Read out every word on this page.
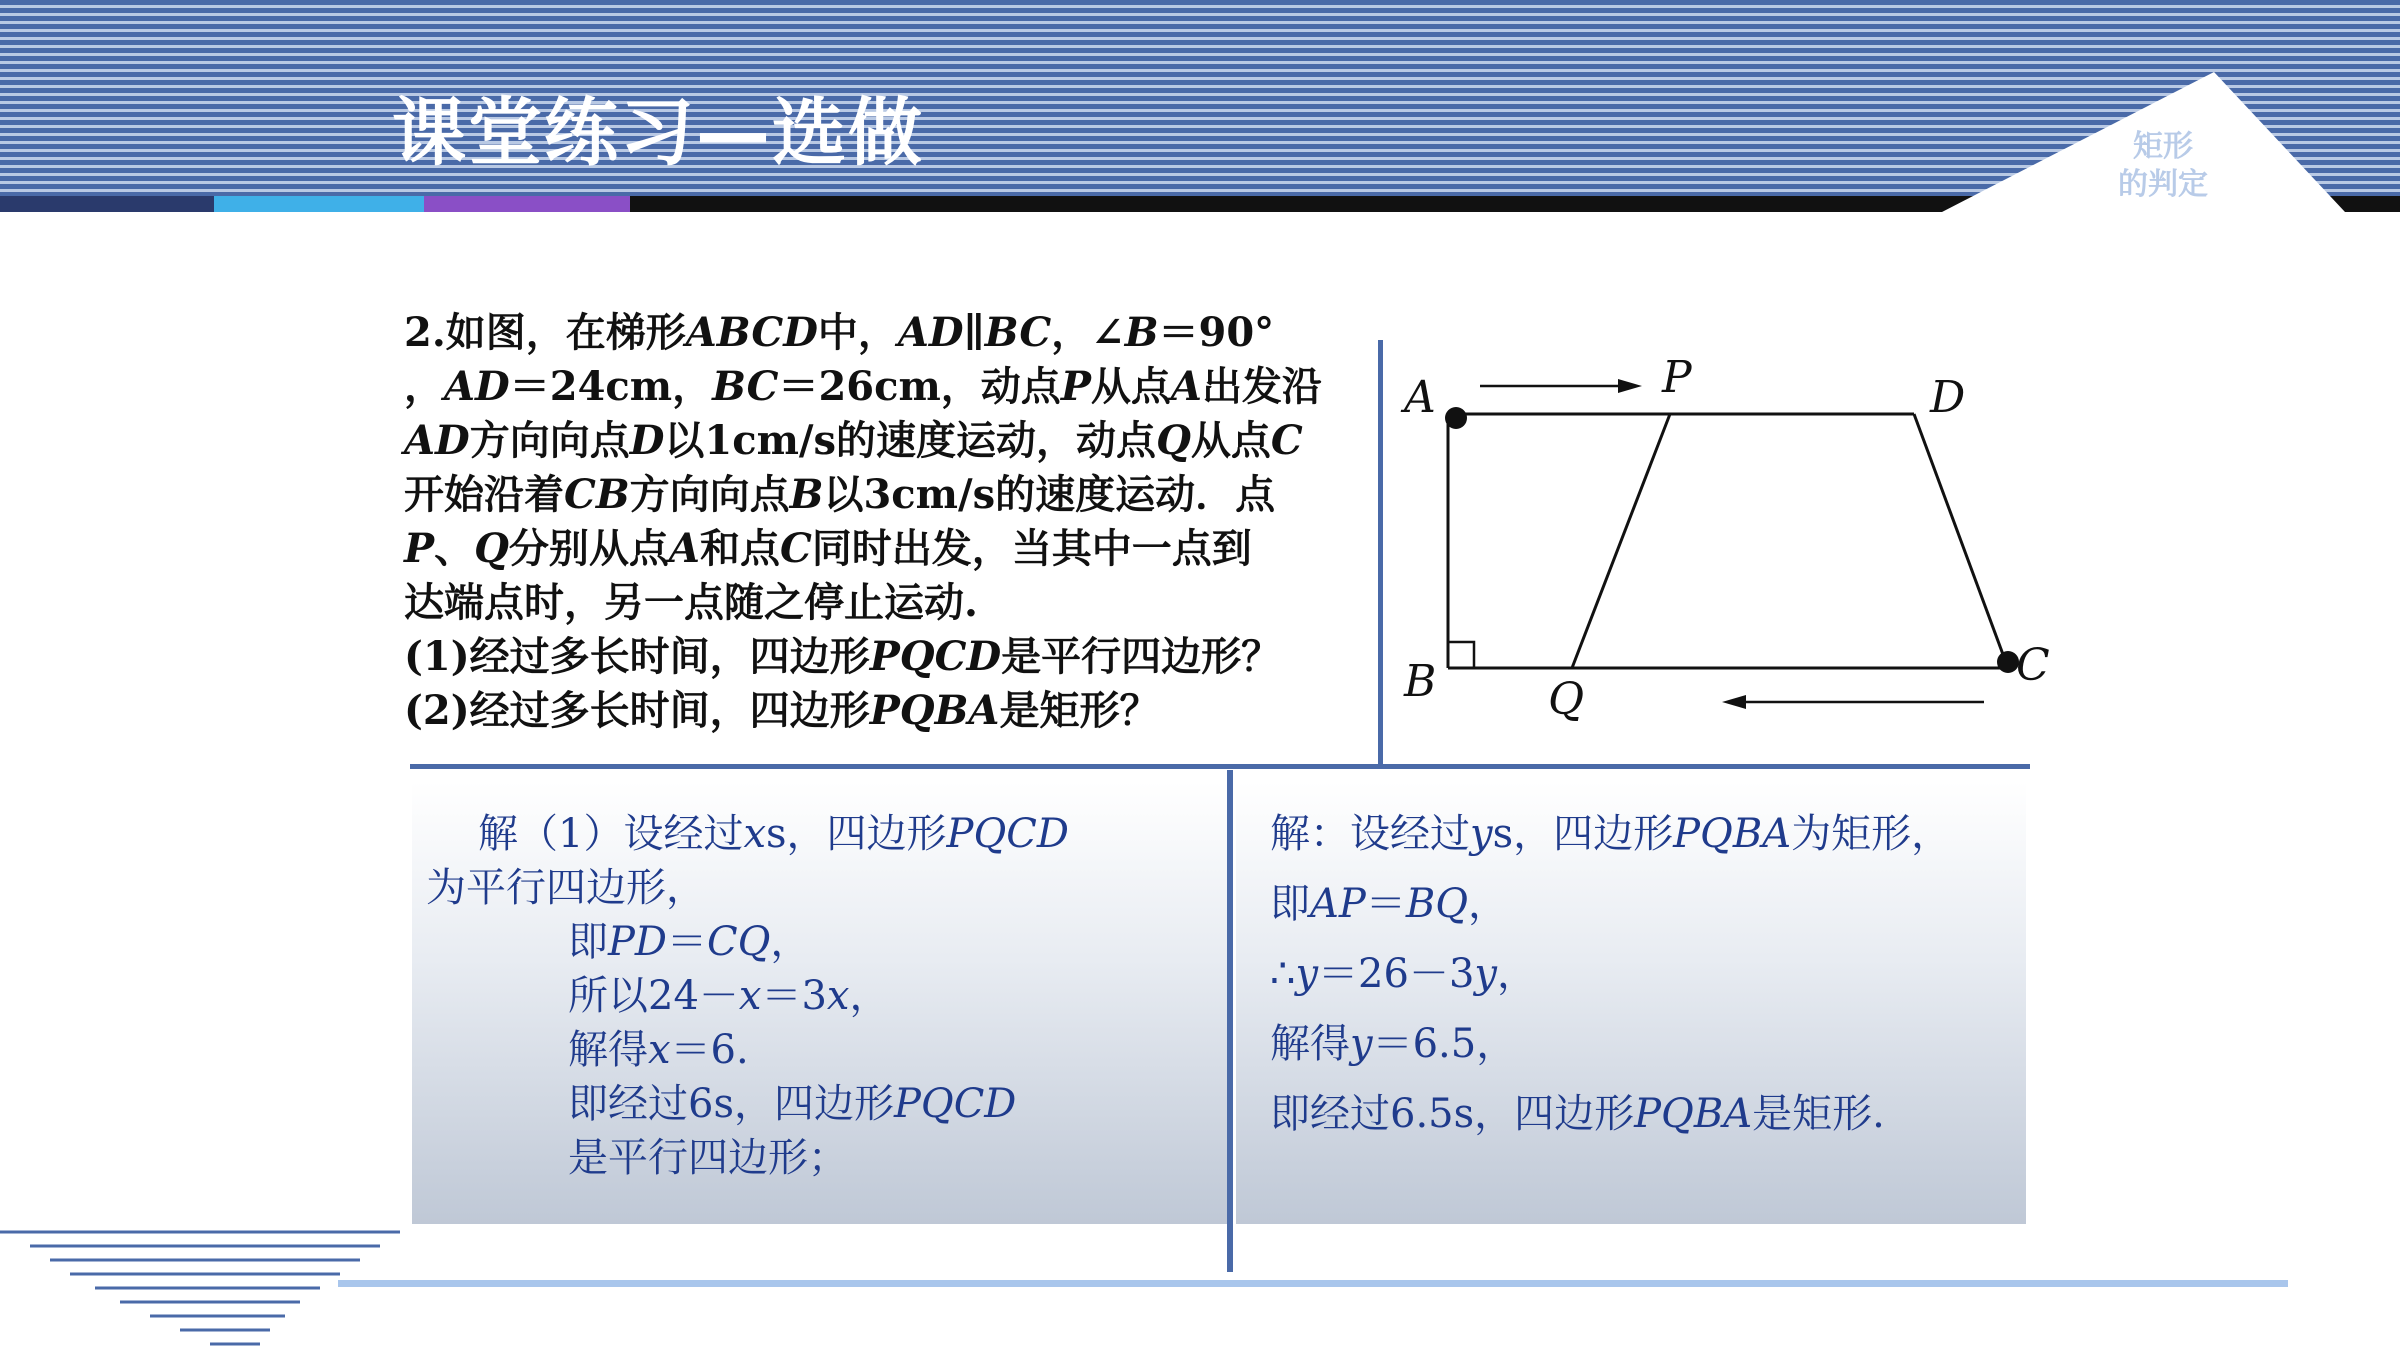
课堂练习—选做	矩形
的判定

2.如图，在梯形ABCD中，AD∥BC，∠B＝90°

，AD＝24cm，BC＝26cm，动点P从点A出发沿

AD方向向点D以1cm/s的速度运动，动点Q从点C

开始沿着CB方向向点B以3cm/s的速度运动．点

P、Q分别从点A和点C同时出发，当其中一点到

达端点时，另一点随之停止运动.

(1)经过多长时间，四边形PQCD是平行四边形？

(2)经过多长时间，四边形PQBA是矩形？

A
B	C
D
P
Q
解（1）设经过xs，四边形PQCD
为平行四边形，
即PD＝CQ，
所以24－x＝3x，
解得x＝6.
即经过6s，四边形PQCD
是平行四边形；
解：设经过ys，四边形PQBA为矩形，
即AP＝BQ，
∴y＝26－3y，
解得y＝6.5，
即经过6.5s，四边形PQBA是矩形.
